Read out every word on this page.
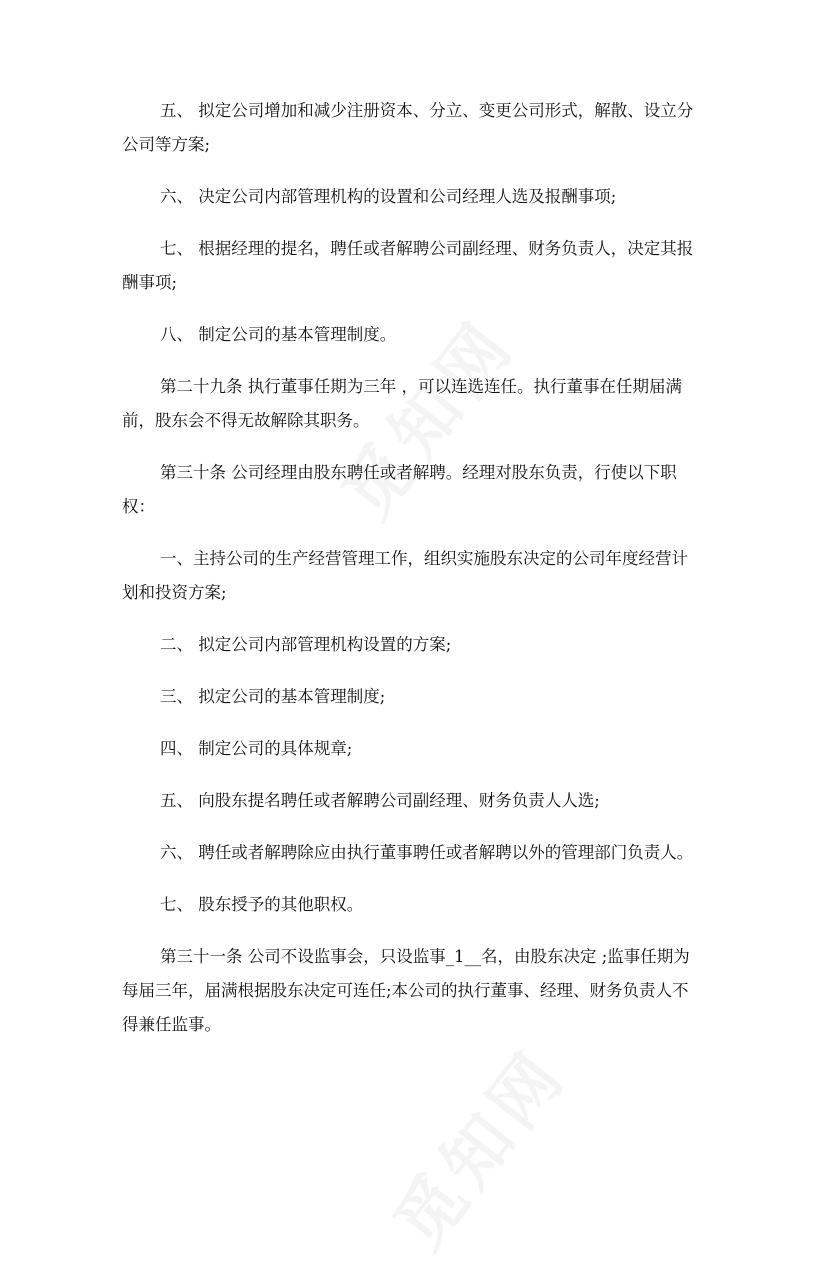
五、 拟定公司增加和减少注册资本、分立、变更公司形式，解散、设立分
公司等方案;
六、 决定公司内部管理机构的设置和公司经理人选及报酬事项;
七、 根据经理的提名，聘任或者解聘公司副经理、财务负责人，决定其报
酬事项;
八、 制定公司的基本管理制度。
第二十九条 执行董事任期为三年 ，可以连选连任。执行董事在任期届满
前，股东会不得无故解除其职务。
第三十条 公司经理由股东聘任或者解聘。经理对股东负责，行使以下职
权：
一、主持公司的生产经营管理工作，组织实施股东决定的公司年度经营计
划和投资方案;
二、 拟定公司内部管理机构设置的方案;
三、 拟定公司的基本管理制度;
四、 制定公司的具体规章;
五、 向股东提名聘任或者解聘公司副经理、财务负责人人选;
六、 聘任或者解聘除应由执行董事聘任或者解聘以外的管理部门负责人。
七、 股东授予的其他职权。
第三十一条 公司不设监事会，只设监事_1__名，由股东决定 ;监事任期为
每届三年，届满根据股东决定可连任;本公司的执行董事、经理、财务负责人不
得兼任监事。
